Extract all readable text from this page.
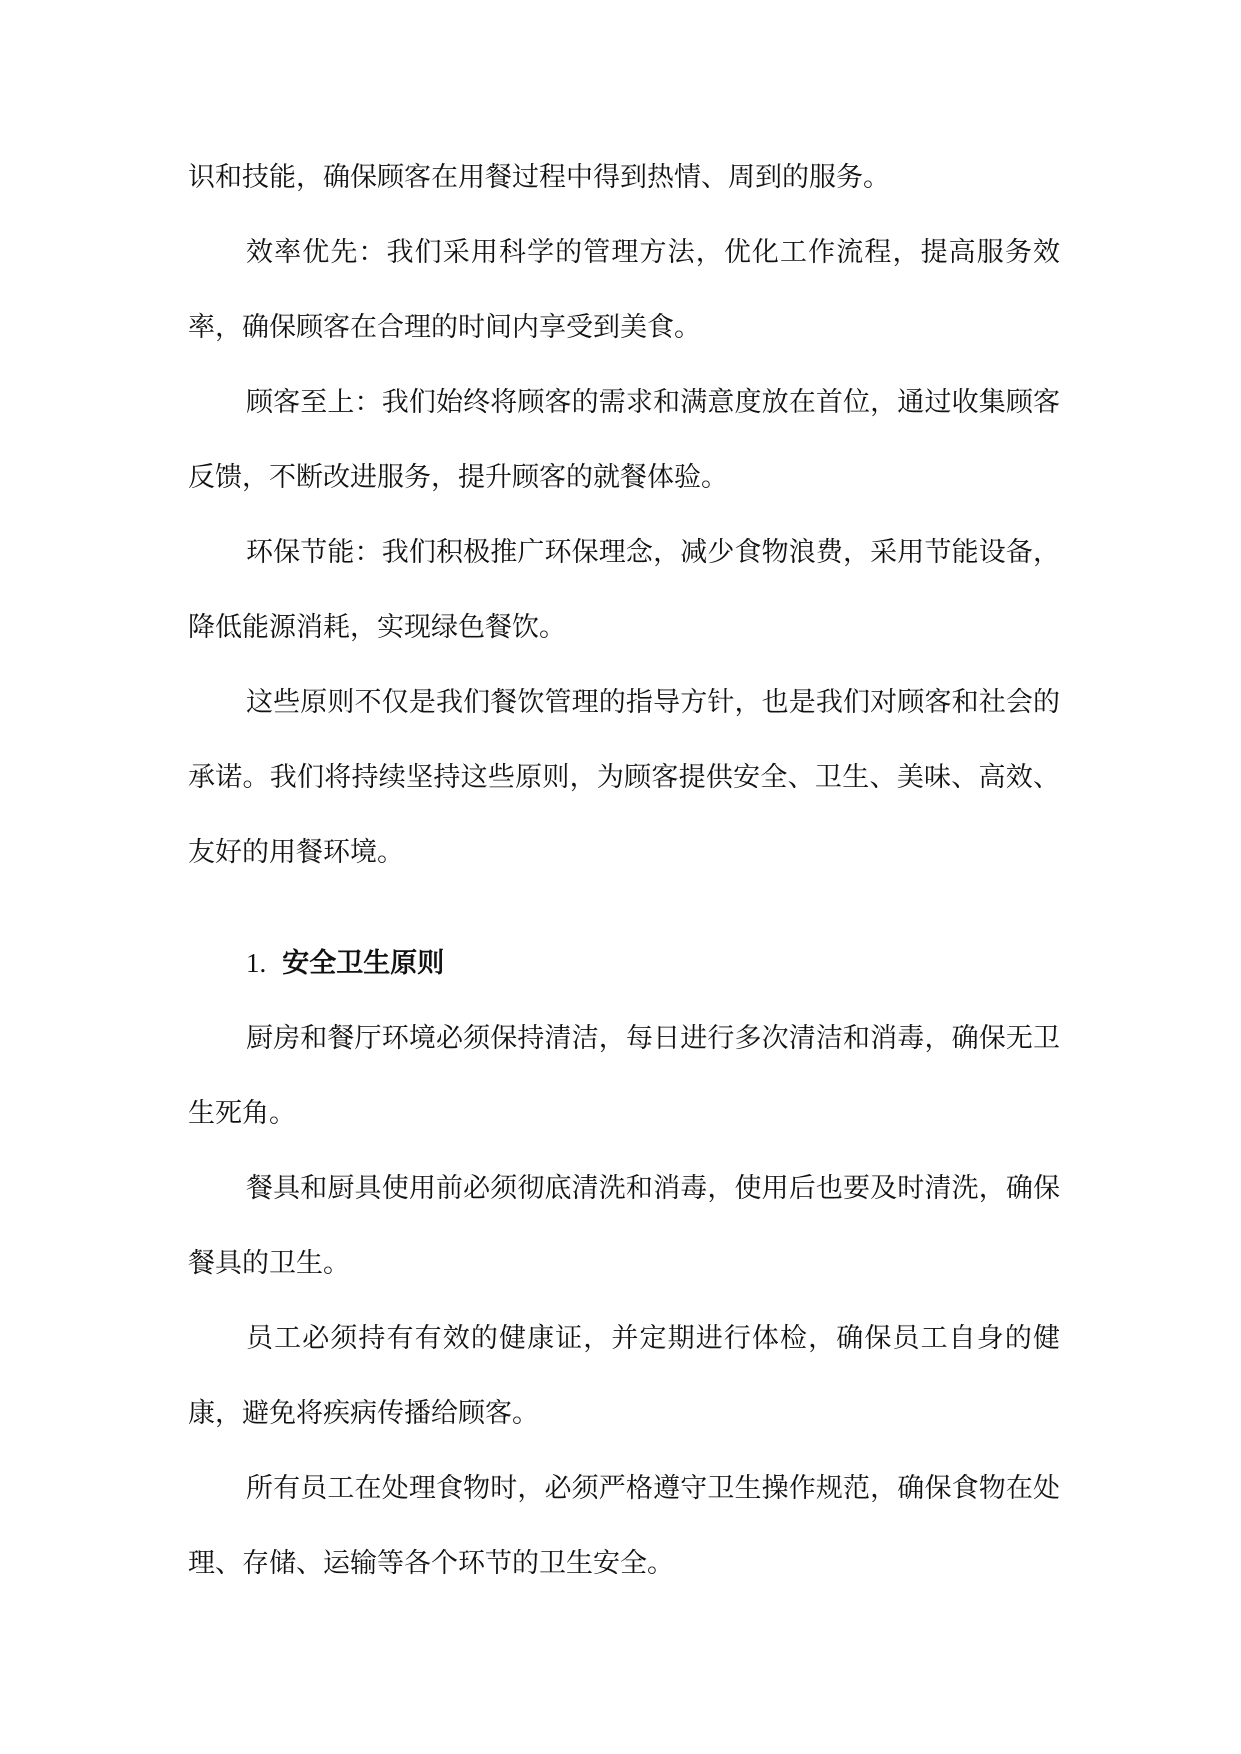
识和技能，确保顾客在用餐过程中得到热情、周到的服务。

效率优先：我们采用科学的管理方法，优化工作流程，提高服务效率，确保顾客在合理的时间内享受到美食。

顾客至上：我们始终将顾客的需求和满意度放在首位，通过收集顾客反馈，不断改进服务，提升顾客的就餐体验。

环保节能：我们积极推广环保理念，减少食物浪费，采用节能设备，降低能源消耗，实现绿色餐饮。

这些原则不仅是我们餐饮管理的指导方针，也是我们对顾客和社会的承诺。我们将持续坚持这些原则，为顾客提供安全、卫生、美味、高效、友好的用餐环境。

1. 安全卫生原则

厨房和餐厅环境必须保持清洁，每日进行多次清洁和消毒，确保无卫生死角。

餐具和厨具使用前必须彻底清洗和消毒，使用后也要及时清洗，确保餐具的卫生。

员工必须持有有效的健康证，并定期进行体检，确保员工自身的健康，避免将疾病传播给顾客。

所有员工在处理食物时，必须严格遵守卫生操作规范，确保食物在处理、存储、运输等各个环节的卫生安全。
